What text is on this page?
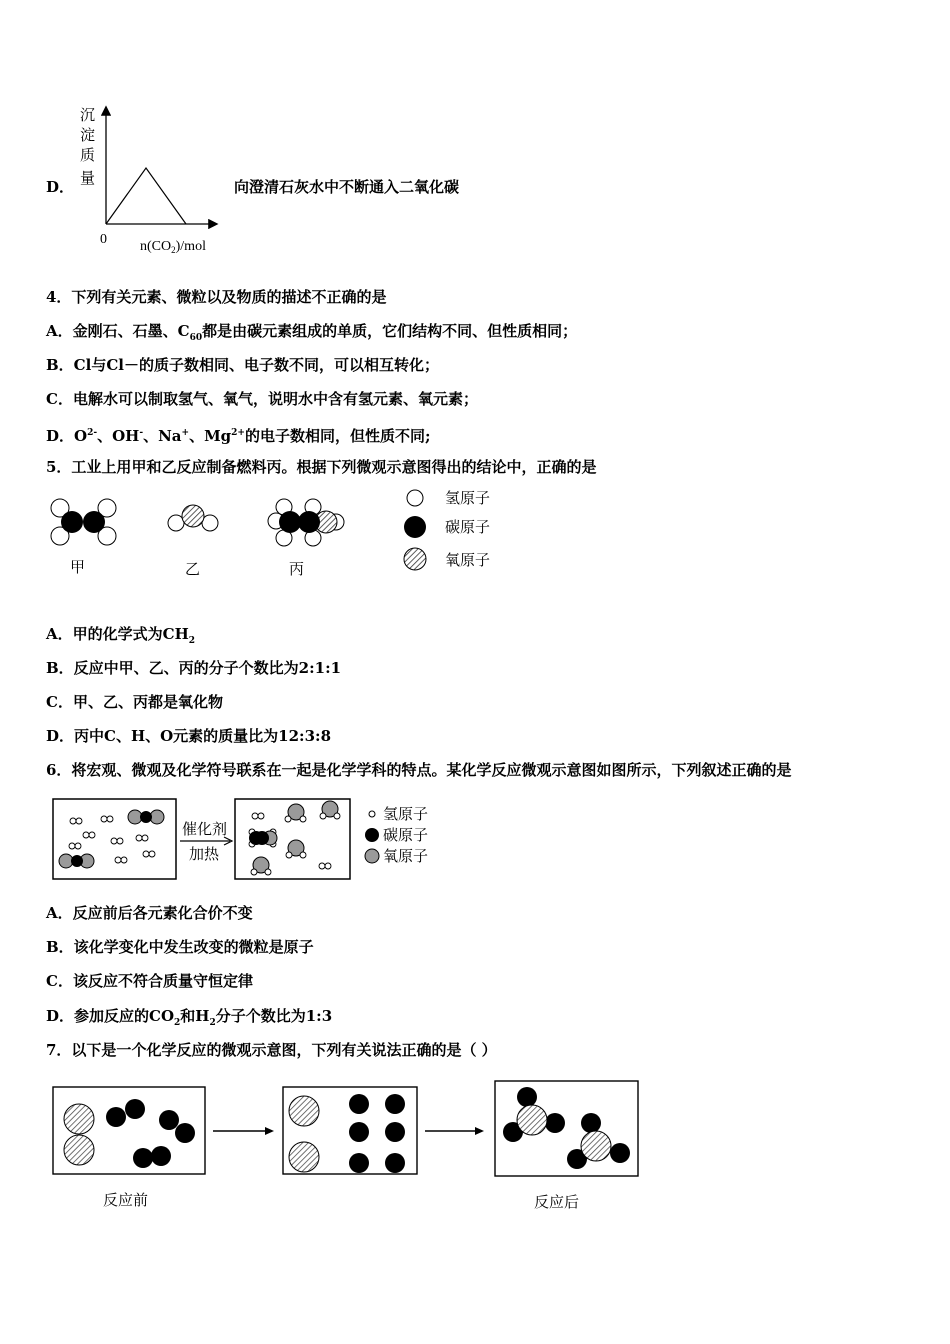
D．
沉
淀
质
量
0 $n(CO_2)$/mol
向澄清石灰水中不断通入二氧化碳
4．下列有关元素、微粒以及物质的描述不正确的是
A．金刚石、石墨、$C_{60}$都是由碳元素组成的单质，它们结构不同、但性质相同；
B．Cl与Cl－的质子数相同、电子数不同，可以相互转化；
C．电解水可以制取氢气、氧气，说明水中含有氢元素、氧元素；
D．$O^{2-}$、OH-、Na+、$Mg^{2+}$的电子数相同，但性质不同;
5．工业上用甲和乙反应制备燃料丙。根据下列微观示意图得出的结论中，正确的是
甲	乙	丙
氢原子
碳原子
氧原子
A．甲的化学式为$CH_2$
B．反应中甲、乙、丙的分子个数比为2:1:1
C．甲、乙、丙都是氧化物
D．丙中C、H、O元素的质量比为12:3:8
6．将宏观、微观及化学符号联系在一起是化学学科的特点。某化学反应微观示意图如图所示，下列叙述正确的是
催化剂
加热
氢原子
碳原子
氧原子
A．反应前后各元素化合价不变
B．该化学变化中发生改变的微粒是原子
C．该反应不符合质量守恒定律
D．参加反应的$CO_2$和$H_2$分子个数比为1:3
7．以下是一个化学反应的微观示意图，下列有关说法正确的是（ ）
反应前	反应后
